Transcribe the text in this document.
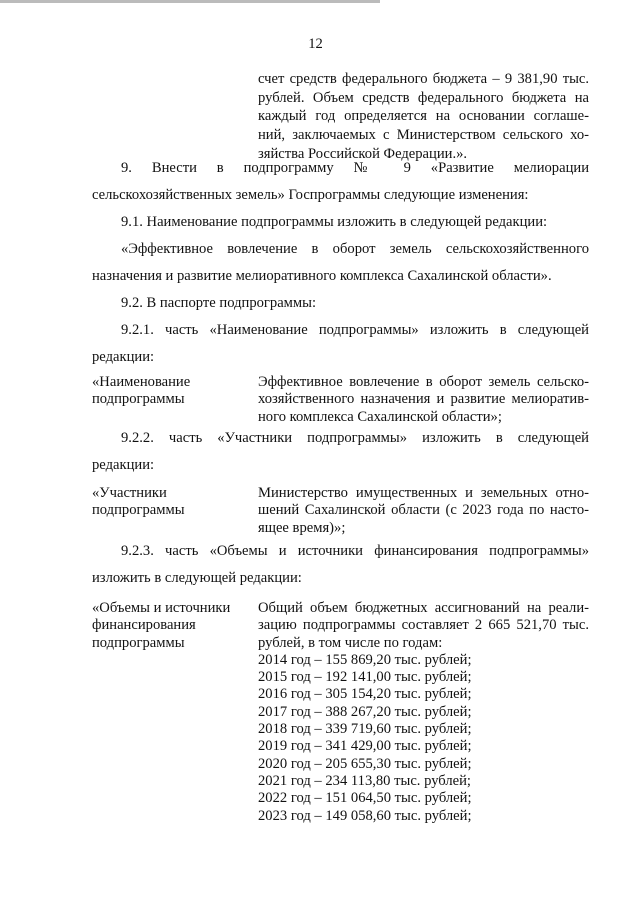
12
счет средств федерального бюджета – 9 381,90 тыс.
рублей. Объем средств федерального бюджета на
каждый год определяется на основании соглаше-
ний, заключаемых с Министерством сельского хо-
зяйства Российской Федерации.».
9. Внести в подпрограмму № 9 «Развитие мелиорации
сельскохозяйственных земель» Госпрограммы следующие изменения:
9.1. Наименование подпрограммы изложить в следующей редакции:
«Эффективное вовлечение в оборот земель сельскохозяйственного
назначения и развитие мелиоративного комплекса Сахалинской области».
9.2. В паспорте подпрограммы:
9.2.1. часть «Наименование подпрограммы» изложить в следующей
редакции:
«Наименование
подпрограммы
Эффективное вовлечение в оборот земель сельско-
хозяйственного назначения и развитие мелиоратив-
ного комплекса Сахалинской области»;
9.2.2. часть «Участники подпрограммы» изложить в следующей
редакции:
«Участники
подпрограммы
Министерство имущественных и земельных отно-
шений Сахалинской области (с 2023 года по насто-
ящее время)»;
9.2.3. часть «Объемы и источники финансирования подпрограммы»
изложить в следующей редакции:
«Объемы и источники
финансирования
подпрограммы
Общий объем бюджетных ассигнований на реали-
зацию подпрограммы составляет 2 665 521,70 тыс.
рублей, в том числе по годам:
2014 год – 155 869,20 тыс. рублей;
2015 год – 192 141,00 тыс. рублей;
2016 год – 305 154,20 тыс. рублей;
2017 год – 388 267,20 тыс. рублей;
2018 год – 339 719,60 тыс. рублей;
2019 год – 341 429,00 тыс. рублей;
2020 год – 205 655,30 тыс. рублей;
2021 год – 234 113,80 тыс. рублей;
2022 год – 151 064,50 тыс. рублей;
2023 год – 149 058,60 тыс. рублей;
